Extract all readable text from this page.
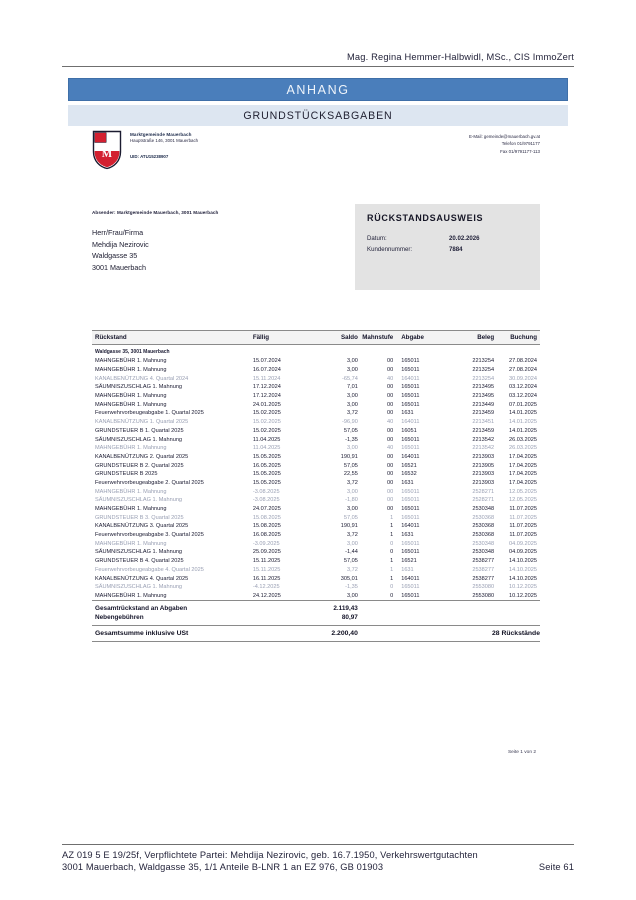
Mag. Regina Hemmer-Halbwidl, MSc., CIS ImmoZert
ANHANG
GRUNDSTÜCKSABGABEN
M
Marktgemeinde Mauerbach
Hauptstraße 146, 3001 Mauerbach
UID: ATU15238907
E-Mail: gemeinde@mauerbach.gv.at
Telefon 01/9791177
Fax 01/9791177-113
Absender: Marktgemeinde Mauerbach, 3001 Mauerbach
Herr/Frau/Firma
Mehdija Nezirovic
Waldgasse 35
3001 Mauerbach
RÜCKSTANDSAUSWEIS
Datum:	20.02.2026
Kundennummer:	7884
Rückstand	Fällig	Saldo	Mahnstufe	Abgabe	Beleg	Buchung
Waldgasse 35, 3001 Mauerbach						
MAHNGEBÜHR 1. Mahnung	15.07.2024	3,00	00	165011	2213254	27.08.2024
MAHNGEBÜHR 1. Mahnung	16.07.2024	3,00	00	165011	2213254	27.08.2024
KANALBENÜTZUNG 4. Quartal 2024	15.11.2024	-65,74	40	164011	2213254	30.09.2024
SÄUMNISZUSCHLAG 1. Mahnung	17.12.2024	7,01	00	165011	2213495	03.12.2024
MAHNGEBÜHR 1. Mahnung	17.12.2024	3,00	00	165011	2213495	03.12.2024
MAHNGEBÜHR 1. Mahnung	24.01.2025	3,00	00	165011	2213449	07.01.2025
Feuerwehrvorbeugeabgabe 1. Quartal 2025	15.02.2025	3,72	00	1631	2213459	14.01.2025
KANALBENÜTZUNG 1. Quartal 2025	15.02.2025	-96,90	40	164011	2213451	14.01.2025
GRUNDSTEUER B 1. Quartal 2025	15.02.2025	57,05	00	16051	2213459	14.01.2025
SÄUMNISZUSCHLAG 1. Mahnung	11.04.2025	-1,35	00	165011	2213542	26.03.2025
MAHNGEBÜHR 1. Mahnung	11.04.2025	3,00	40	165011	2213542	26.03.2025
KANALBENÜTZUNG 2. Quartal 2025	15.05.2025	190,91	00	164011	2213903	17.04.2025
GRUNDSTEUER B 2. Quartal 2025	16.05.2025	57,05	00	16521	2213905	17.04.2025
GRUNDSTEUER B 2025	15.05.2025	22,55	00	16532	2213903	17.04.2025
Feuerwehrvorbeugeabgabe 2. Quartal 2025	15.05.2025	3,72	00	1631	2213903	17.04.2025
MAHNGEBÜHR 1. Mahnung	-3.08.2025	3,00	00	165011	2528271	12.05.2025
SÄUMNISZUSCHLAG 1. Mahnung	-3.08.2025	-1,80	00	165011	2528271	12.05.2025
MAHNGEBÜHR 1. Mahnung	24.07.2025	3,00	00	165011	2530348	11.07.2025
GRUNDSTEUER B 3. Quartal 2025	15.08.2025	57,05	1	165011	2530368	11.07.2025
KANALBENÜTZUNG 3. Quartal 2025	15.08.2025	190,91	1	164011	2530368	11.07.2025
Feuerwehrvorbeugeabgabe 3. Quartal 2025	16.08.2025	3,72	1	1631	2530368	11.07.2025
MAHNGEBÜHR 1. Mahnung	-3.09.2025	3,00	0	165011	2530348	04.09.2025
SÄUMNISZUSCHLAG 1. Mahnung	25.09.2025	-1,44	0	165011	2530348	04.09.2025
GRUNDSTEUER B 4. Quartal 2025	15.11.2025	57,05	1	16521	2538277	14.10.2025
Feuerwehrvorbeugeabgabe 4. Quartal 2025	15.11.2025	3,72	1	1631	2538277	14.10.2025
KANALBENÜTZUNG 4. Quartal 2025	16.11.2025	305,01	1	164011	2538277	14.10.2025
SÄUMNISZUSCHLAG 1. Mahnung	-4.12.2025	-1,35	0	165011	2553080	10.12.2025
MAHNGEBÜHR 1. Mahnung	24.12.2025	3,00	0	165011	2553080	10.12.2025
Gesamtrückstand an Abgaben		2.119,43				
Nebengebühren		80,97				
Gesamtsumme inklusive USt		2.200,40			28 Rückstände	
Seite 1 von 2
AZ 019 5 E 19/25f, Verpflichtete Partei: Mehdija Nezirovic, geb. 16.7.1950, Verkehrswertgutachten
3001 Mauerbach, Waldgasse 35, 1/1 Anteile B-LNR 1 an EZ 976, GB 01903	Seite 61
